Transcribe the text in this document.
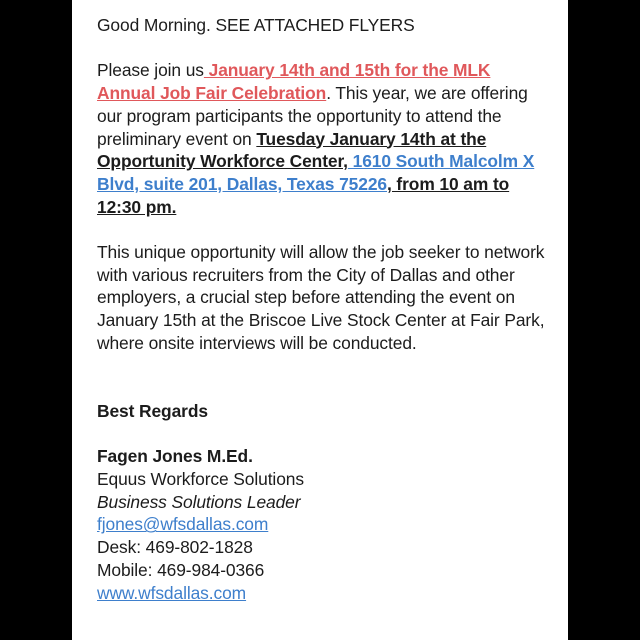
Good Morning. SEE ATTACHED FLYERS

Please join us January 14th and 15th for the MLK Annual Job Fair Celebration. This year, we are offering our program participants the opportunity to attend the preliminary event on Tuesday January 14th at the Opportunity Workforce Center, 1610 South Malcolm X Blvd, suite 201, Dallas, Texas 75226, from 10 am to 12:30 pm.

This unique opportunity will allow the job seeker to network with various recruiters from the City of Dallas and other employers, a crucial step before attending the event on January 15th at the Briscoe Live Stock Center at Fair Park, where onsite interviews will be conducted.

Best Regards

Fagen Jones M.Ed.
Equus Workforce Solutions
Business Solutions Leader
fjones@wfsdallas.com
Desk: 469-802-1828
Mobile: 469-984-0366
www.wfsdallas.com
